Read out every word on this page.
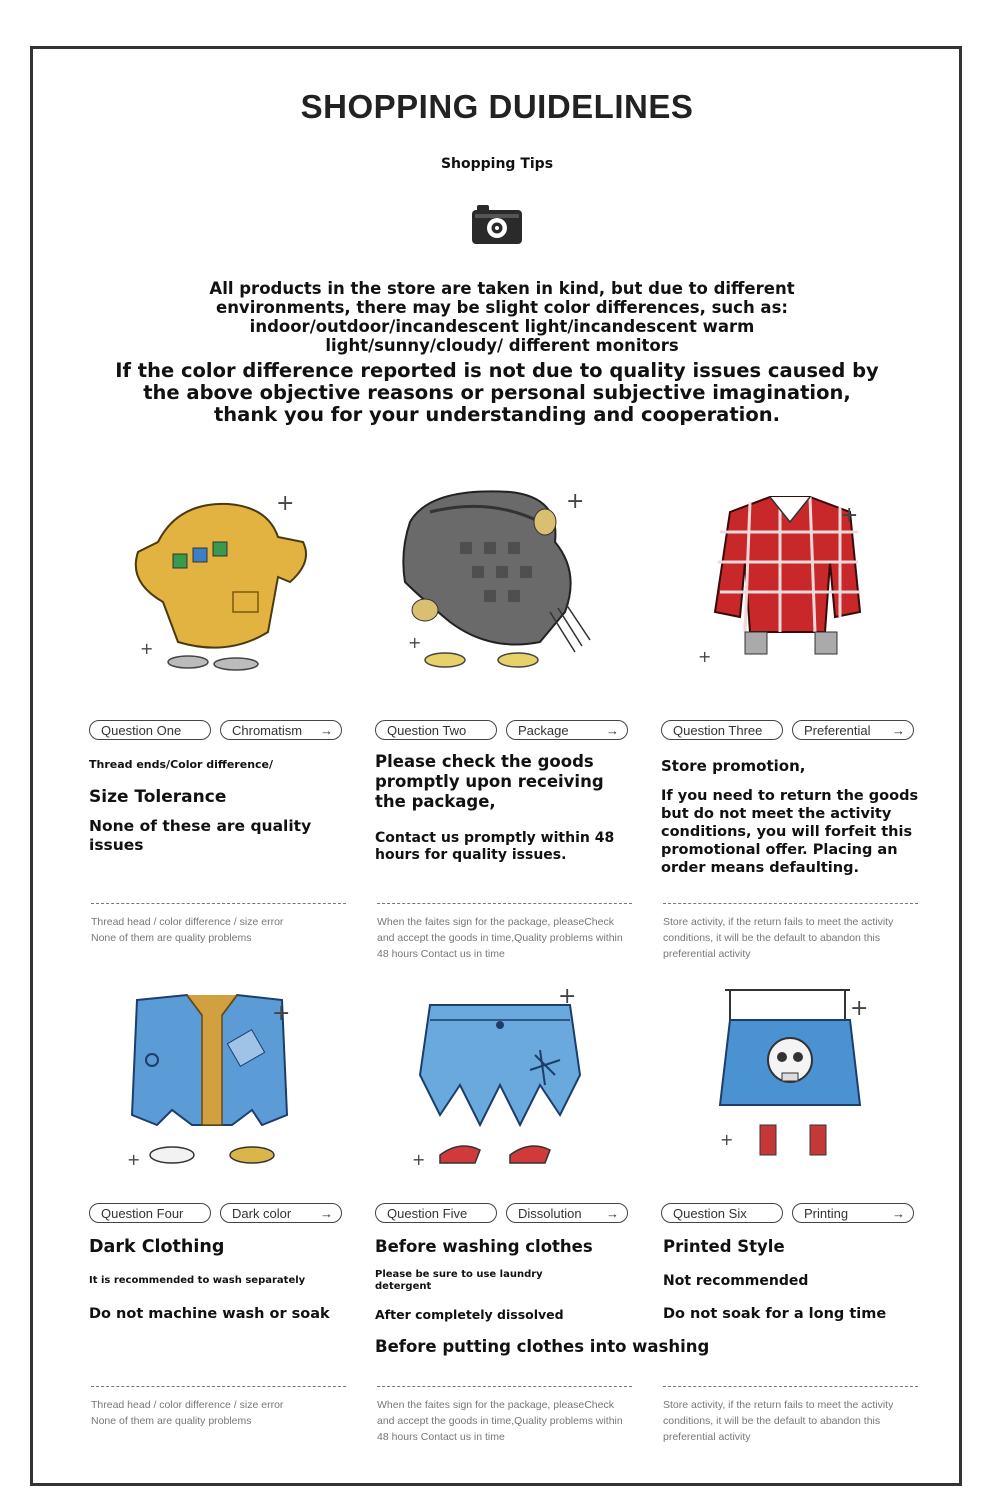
SHOPPING DUIDELINES
Shopping Tips
All products in the store are taken in kind, but due to different environments, there may be slight color differences, such as: indoor/outdoor/incandescent light/incandescent warm light/sunny/cloudy/ different monitors
If the color difference reported is not due to quality issues caused by the above objective reasons or personal subjective imagination, thank you for your understanding and cooperation.
+
+
+
+
+
+
Question One	Chromatism →	Question Two	Package	→	Question Three	Preferential →
Thread ends/Color difference/
Size Tolerance
None of these are quality issues
Please check the goods promptly upon receiving the package,
Contact us promptly within 48 hours for quality issues.
Store promotion,
If you need to return the goods but do not meet the activity conditions, you will forfeit this promotional offer. Placing an order means defaulting.
Thread head / color difference / size error None of them are quality problems
When the faites sign for the package, pleaseCheck and accept the goods in time,Quality problems within 48 hours Contact us in time
Store activity, if the return fails to meet the activity conditions, it will be the default to abandon this preferential activity
+
+
+
+
+
+
Question Four	Dark color →	Question Five	Dissolution →	Question Six	Printing	→
Dark Clothing
It is recommended to wash separately
Do not machine wash or soak
Before washing clothes
Please be sure to use laundry detergent
After completely dissolved
Before putting clothes into washing
Printed Style
Not recommended
Do not soak for a long time
Thread head / color difference / size error None of them are quality problems
When the faites sign for the package, pleaseCheck and accept the goods in time,Quality problems within 48 hours Contact us in time
Store activity, if the return fails to meet the activity conditions, it will be the default to abandon this preferential activity
